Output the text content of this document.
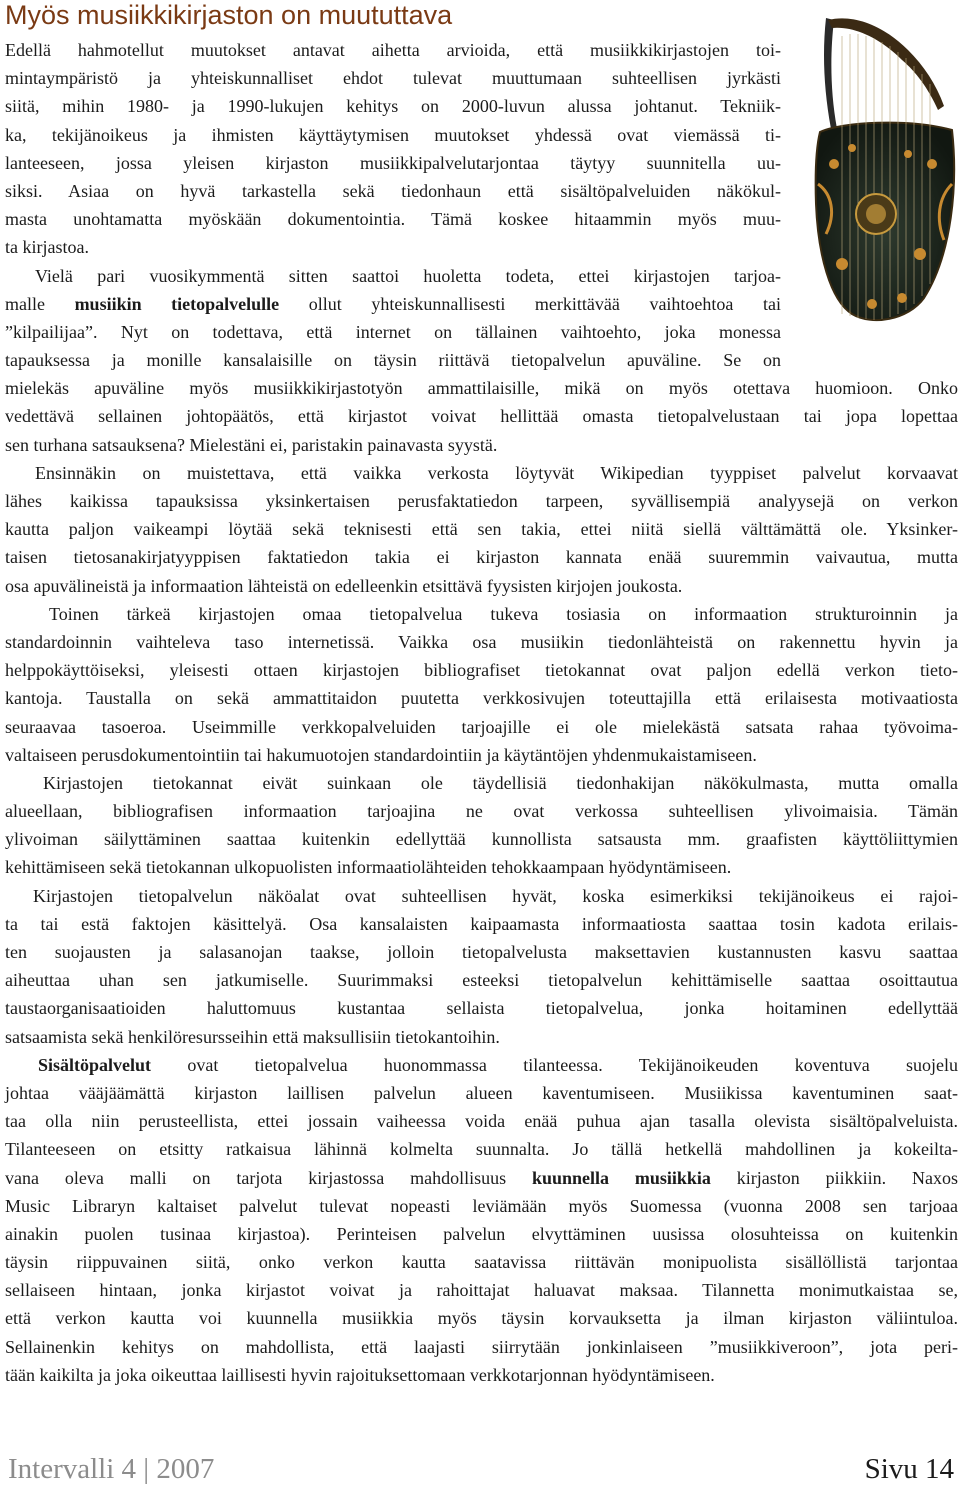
Myös musiikkikirjaston on muututtava
Edellä hahmotellut muutokset antavat aihetta arvioida, että musiikkikirjastojen toi-
mintaympäristö ja yhteiskunnalliset ehdot tulevat muuttumaan suhteellisen jyrkästi
siitä, mihin 1980- ja 1990-lukujen kehitys on 2000-luvun alussa johtanut. Tekniik-
ka, tekijänoikeus ja ihmisten käyttäytymisen muutokset yhdessä ovat viemässä ti-
lanteeseen, jossa yleisen kirjaston musiikkipalvelutarjontaa täytyy suunnitella uu-
siksi. Asiaa on hyvä tarkastella sekä tiedonhaun että sisältöpalveluiden näkökul-
masta unohtamatta myöskään dokumentointia. Tämä koskee hitaammin myös muu-
ta kirjastoa.
Vielä pari vuosikymmentä sitten saattoi huoletta todeta, ettei kirjastojen tarjoa-
malle musiikin tietopalvelulle ollut yhteiskunnallisesti merkittävää vaihtoehtoa tai
”kilpailijaa”. Nyt on todettava, että internet on tällainen vaihtoehto, joka monessa
tapauksessa ja monille kansalaisille on täysin riittävä tietopalvelun apuväline. Se on
mielekäs apuväline myös musiikkikirjastotyön ammattilaisille, mikä on myös otettava huomioon. Onko
vedettävä sellainen johtopäätös, että kirjastot voivat hellittää omasta tietopalvelustaan tai jopa lopettaa
sen turhana satsauksena? Mielestäni ei, paristakin painavasta syystä.
Ensinnäkin on muistettava, että vaikka verkosta löytyvät Wikipedian tyyppiset palvelut korvaavat
lähes kaikissa tapauksissa yksinkertaisen perusfaktatiedon tarpeen, syvällisempiä analyysejä on verkon
kautta paljon vaikeampi löytää sekä teknisesti että sen takia, ettei niitä siellä välttämättä ole. Yksinker-
taisen tietosanakirjatyyppisen faktatiedon takia ei kirjaston kannata enää suuremmin vaivautua, mutta
osa apuvälineistä ja informaation lähteistä on edelleenkin etsittävä fyysisten kirjojen joukosta.
Toinen tärkeä kirjastojen omaa tietopalvelua tukeva tosiasia on informaation strukturoinnin ja
standardoinnin vaihteleva taso internetissä. Vaikka osa musiikin tiedonlähteistä on rakennettu hyvin ja
helppokäyttöiseksi, yleisesti ottaen kirjastojen bibliografiset tietokannat ovat paljon edellä verkon tieto-
kantoja. Taustalla on sekä ammattitaidon puutetta verkkosivujen toteuttajilla että erilaisesta motivaatiosta
seuraavaa tasoeroa. Useimmille verkkopalveluiden tarjoajille ei ole mielekästä satsata rahaa työvoima-
valtaiseen perusdokumentointiin tai hakumuotojen standardointiin ja käytäntöjen yhdenmukaistamiseen.
Kirjastojen tietokannat eivät suinkaan ole täydellisiä tiedonhakijan näkökulmasta, mutta omalla
alueellaan, bibliografisen informaation tarjoajina ne ovat verkossa suhteellisen ylivoimaisia. Tämän
ylivoiman säilyttäminen saattaa kuitenkin edellyttää kunnollista satsausta mm. graafisten käyttöliittymien
kehittämiseen sekä tietokannan ulkopuolisten informaatiolähteiden tehokkaampaan hyödyntämiseen.
Kirjastojen tietopalvelun näköalat ovat suhteellisen hyvät, koska esimerkiksi tekijänoikeus ei rajoi-
ta tai estä faktojen käsittelyä. Osa kansalaisten kaipaamasta informaatiosta saattaa tosin kadota erilais-
ten suojausten ja salasanojan taakse, jolloin tietopalvelusta maksettavien kustannusten kasvu saattaa
aiheuttaa uhan sen jatkumiselle. Suurimmaksi esteeksi tietopalvelun kehittämiselle saattaa osoittautua
taustaorganisaatioiden haluttomuus kustantaa sellaista tietopalvelua, jonka hoitaminen edellyttää
satsaamista sekä henkilöresursseihin että maksullisiin tietokantoihin.
Sisältöpalvelut ovat tietopalvelua huonommassa tilanteessa. Tekijänoikeuden koventuva suojelu
johtaa vääjäämättä kirjaston laillisen palvelun alueen kaventumiseen. Musiikissa kaventuminen saat-
taa olla niin perusteellista, ettei jossain vaiheessa voida enää puhua ajan tasalla olevista sisältöpalveluista.
Tilanteeseen on etsitty ratkaisua lähinnä kolmelta suunnalta. Jo tällä hetkellä mahdollinen ja kokeilta-
vana oleva malli on tarjota kirjastossa mahdollisuus kuunnella musiikkia kirjaston piikkiin. Naxos
Music Libraryn kaltaiset palvelut tulevat nopeasti leviämään myös Suomessa (vuonna 2008 sen tarjoaa
ainakin puolen tusinaa kirjastoa). Perinteisen palvelun elvyttäminen uusissa olosuhteissa on kuitenkin
täysin riippuvainen siitä, onko verkon kautta saatavissa riittävän monipuolista sisällöllistä tarjontaa
sellaiseen hintaan, jonka kirjastot voivat ja rahoittajat haluavat maksaa. Tilannetta monimutkaistaa se,
että verkon kautta voi kuunnella musiikkia myös täysin korvauksetta ja ilman kirjaston väliintuloa.
Sellainenkin kehitys on mahdollista, että laajasti siirrytään jonkinlaiseen ”musiikkiveroon”, jota peri-
tään kaikilta ja joka oikeuttaa laillisesti hyvin rajoituksettomaan verkkotarjonnan hyödyntämiseen.
Intervalli 4 | 2007	Sivu 14
